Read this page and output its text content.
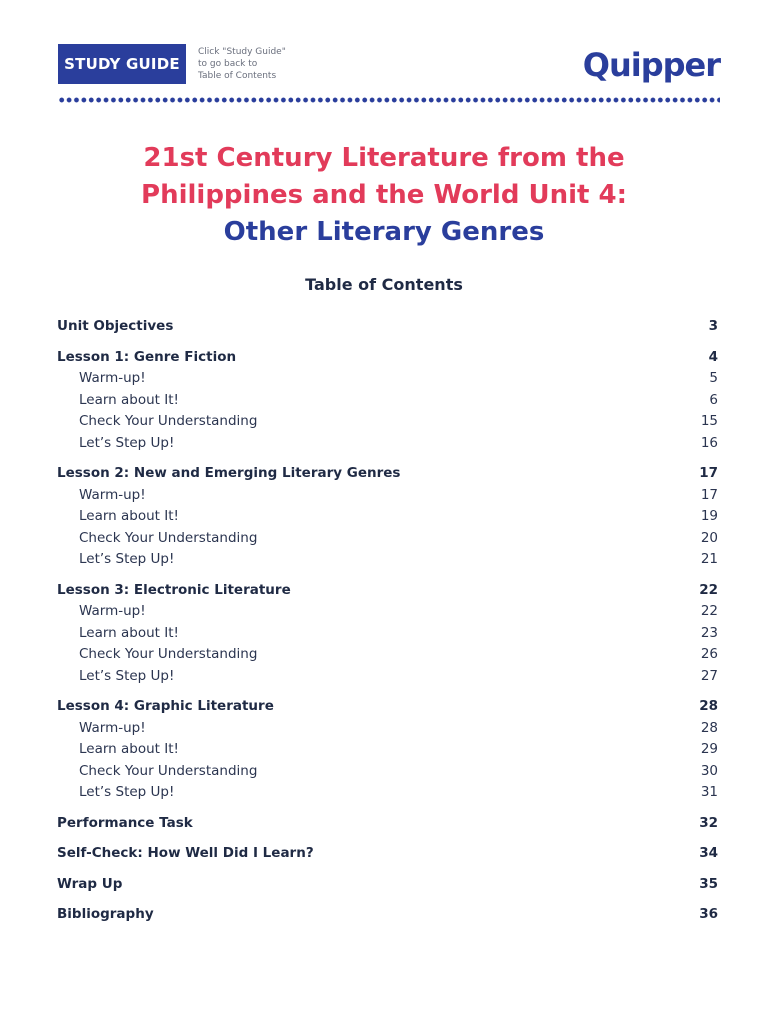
STUDY GUIDE
Click "Study Guide"
to go back to
Table of Contents	Quipper
21st Century Literature from the
Philippines and the World Unit 4:
Other Literary Genres
Table of Contents
Unit Objectives	3
Lesson 1: Genre Fiction	4
Warm-up!	5
Learn about It!	6
Check Your Understanding	15
Let’s Step Up!	16
Lesson 2: New and Emerging Literary Genres	17
Warm-up!	17
Learn about It!	19
Check Your Understanding	20
Let’s Step Up!	21
Lesson 3: Electronic Literature	22
Warm-up!	22
Learn about It!	23
Check Your Understanding	26
Let’s Step Up!	27
Lesson 4: Graphic Literature	28
Warm-up!	28
Learn about It!	29
Check Your Understanding	30
Let’s Step Up!	31
Performance Task	32
Self-Check: How Well Did I Learn?	34
Wrap Up	35
Bibliography	36
